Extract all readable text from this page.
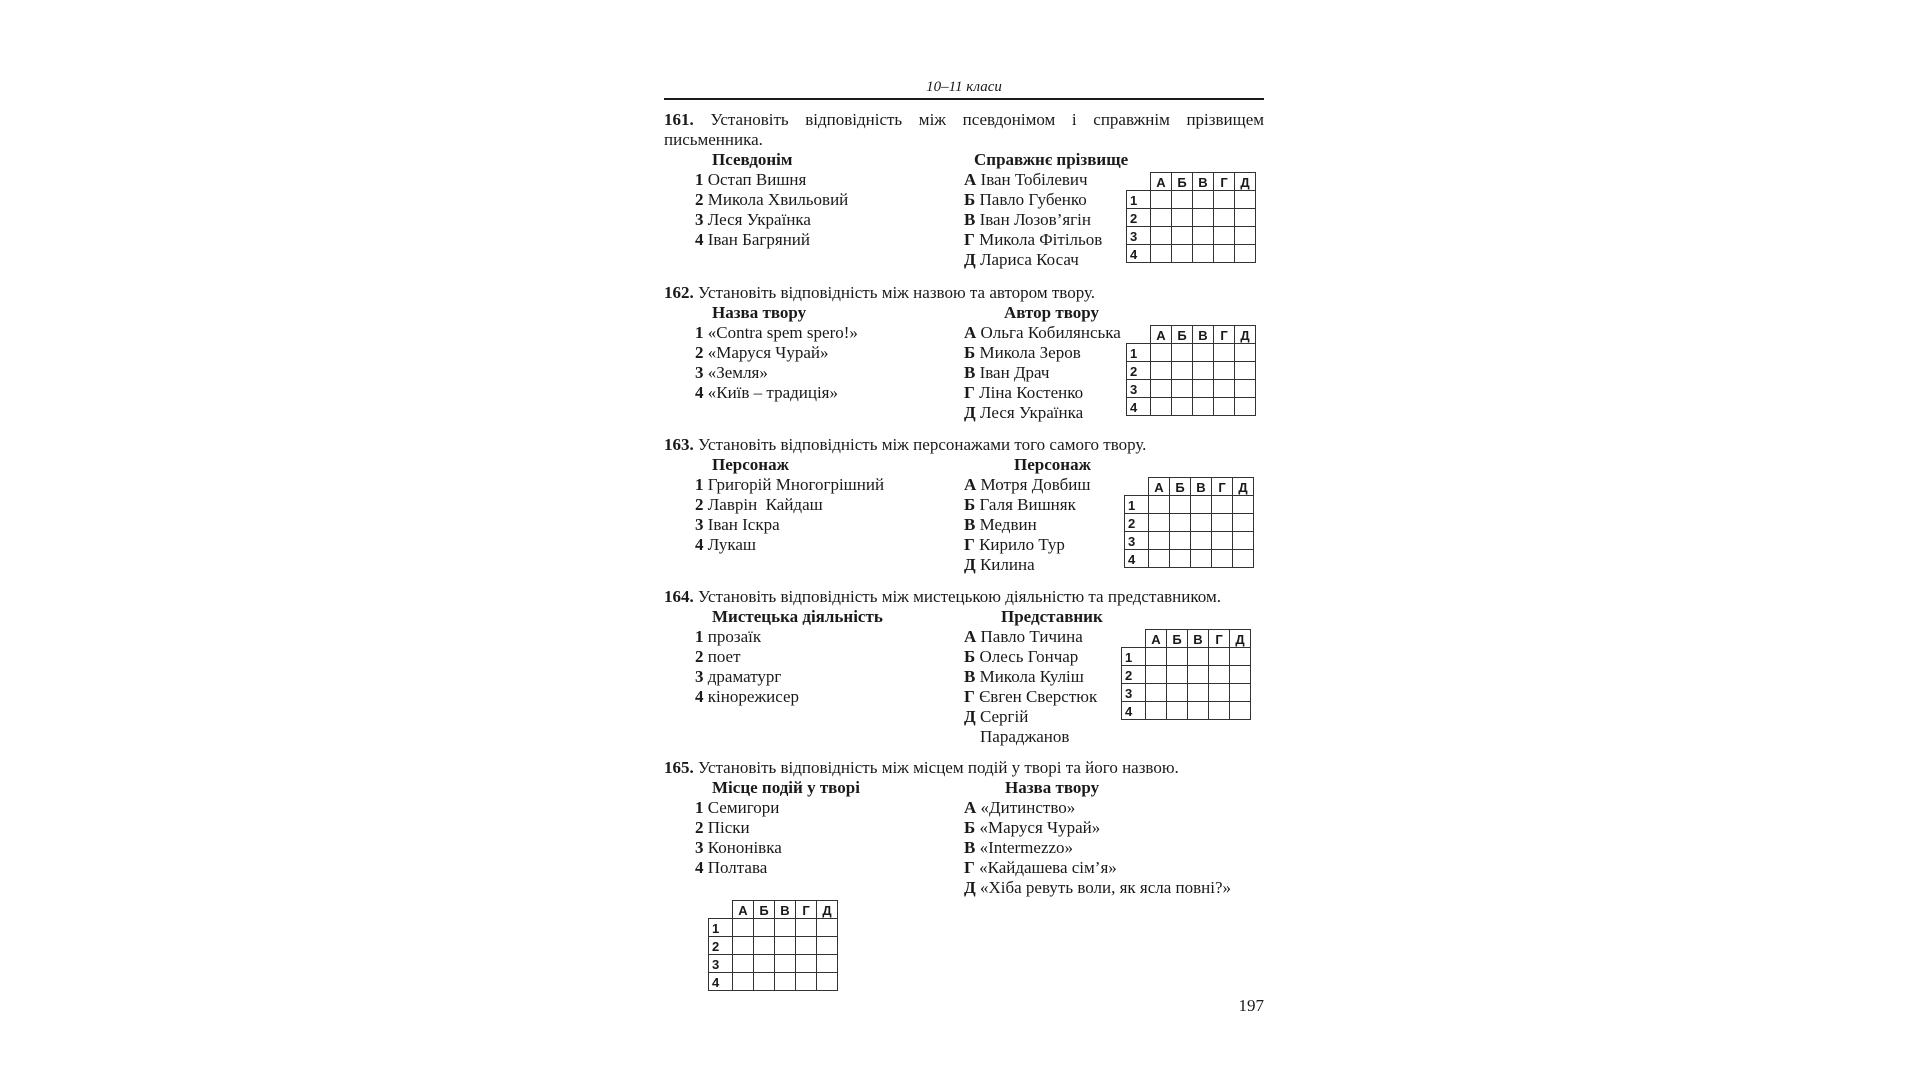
10–11 класи
161. Установіть відповідність між псевдонімом і справжнім прізвищем письменника.
Псевдонім	Справжнє прізвище
1 Остап Вишня
2 Микола Хвильовий
3 Леся Українка
4 Іван Багряний
А Іван Тобілевич
Б Павло Губенко
В Іван Лозов’ягін
Г Микола Фітільов
Д Лариса Косач
	А	Б	В	Г	Д
1					
2					
3					
4					
162. Установіть відповідність між назвою та автором твору.
Назва твору	Автор твору
1 «Contra spem spero!»
2 «Маруся Чурай»
3 «Земля»
4 «Київ – традиція»
А Ольга Кобилянська
Б Микола Зеров
В Іван Драч
Г Ліна Костенко
Д Леся Українка
	А	Б	В	Г	Д
1					
2					
3					
4					
163. Установіть відповідність між персонажами того самого твору.
Персонаж	Персонаж
1 Григорій Многогрішний
2 Лаврін  Кайдаш
3 Іван Іскра
4 Лукаш
А Мотря Довбиш
Б Галя Вишняк
В Медвин
Г Кирило Тур
Д Килина
	А	Б	В	Г	Д
1					
2					
3					
4					
164. Установіть відповідність між мистецькою діяльністю та представником.
Мистецька діяльність	Представник
1 прозаїк
2 поет
3 драматург
4 кінорежисер
А Павло Тичина
Б Олесь Гончар
В Микола Куліш
Г Євген Сверстюк
Д Сергій
Параджанов
	А	Б	В	Г	Д
1					
2					
3					
4					
165. Установіть відповідність між місцем подій у творі та його назвою.
Місце подій у творі	Назва твору
1 Семигори
2 Піски
3 Кононівка
4 Полтава
А «Дитинство»
Б «Маруся Чурай»
В «Intermezzo»
Г «Кайдашева сім’я»
Д «Хіба ревуть воли, як ясла повні?»
	А	Б	В	Г	Д
1					
2					
3					
4					
197
